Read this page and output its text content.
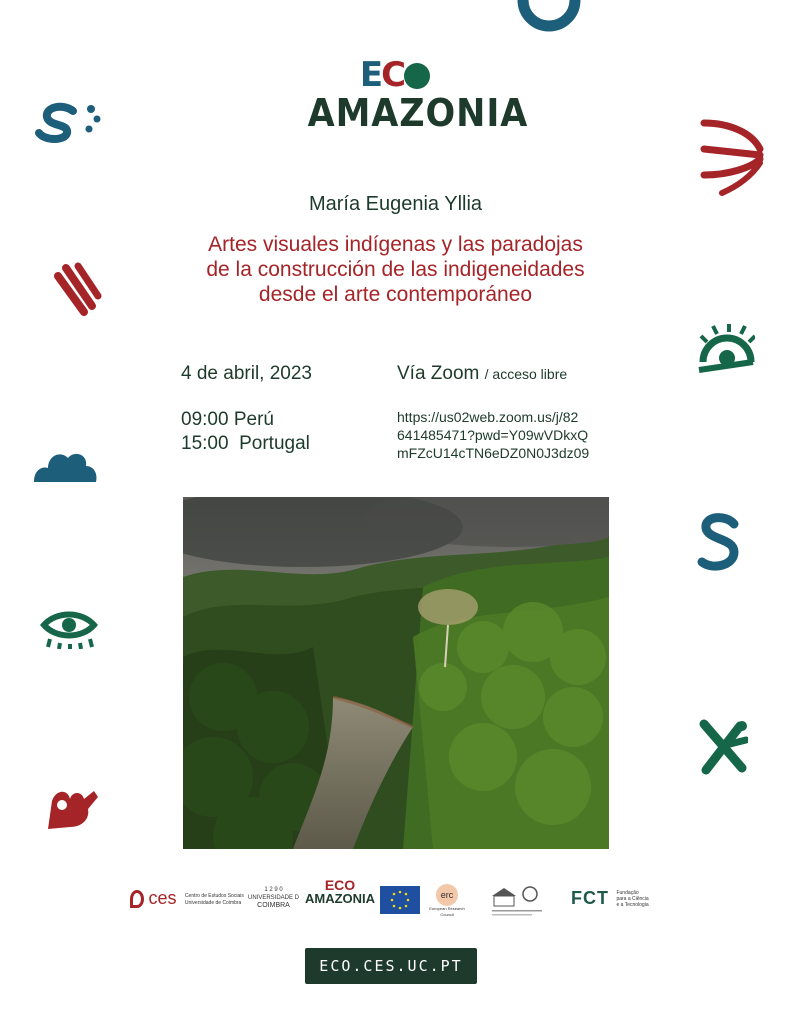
EC
AMAZONIA
María Eugenia Yllia
Artes visuales indígenas y las paradojas
de la construcción de las indigeneidades
desde el arte contemporáneo
4 de abril, 2023
09:00 Perú
15:00  Portugal
Vía Zoom / acceso libre
https://us02web.zoom.us/j/82
641485471?pwd=Y09wVDkxQ
mFZcU14cTN6eDZ0N0J3dz09
ces Centro de Estudos Sociais
Universidade de Coimbra
1 2 9 0
UNIVERSIDADE D
COIMBRA
ECO
AMAZONIA	erc
European Research Council
FCT Fundação
para a Ciência
e a Tecnologia
ECO.CES.UC.PT
